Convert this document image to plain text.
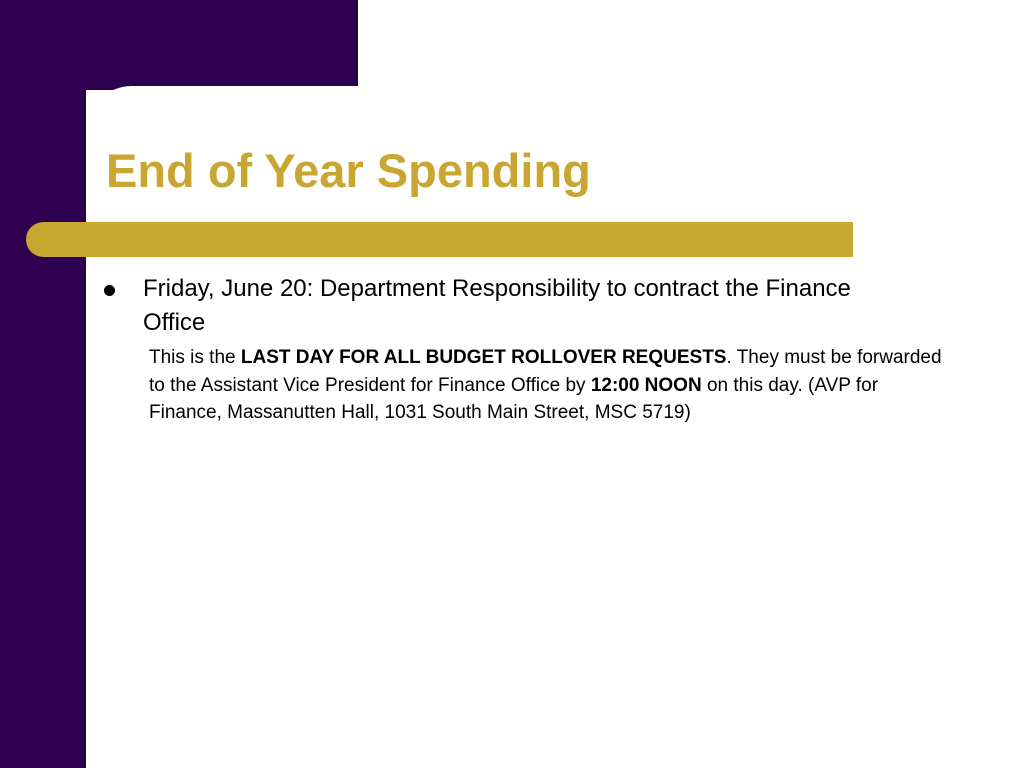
End of Year Spending
Friday, June 20: Department Responsibility to contract the Finance Office
This is the LAST DAY FOR ALL BUDGET ROLLOVER REQUESTS. They must be forwarded to the Assistant Vice President for Finance Office by 12:00 NOON on this day. (AVP for Finance, Massanutten Hall, 1031 South Main Street, MSC 5719)
